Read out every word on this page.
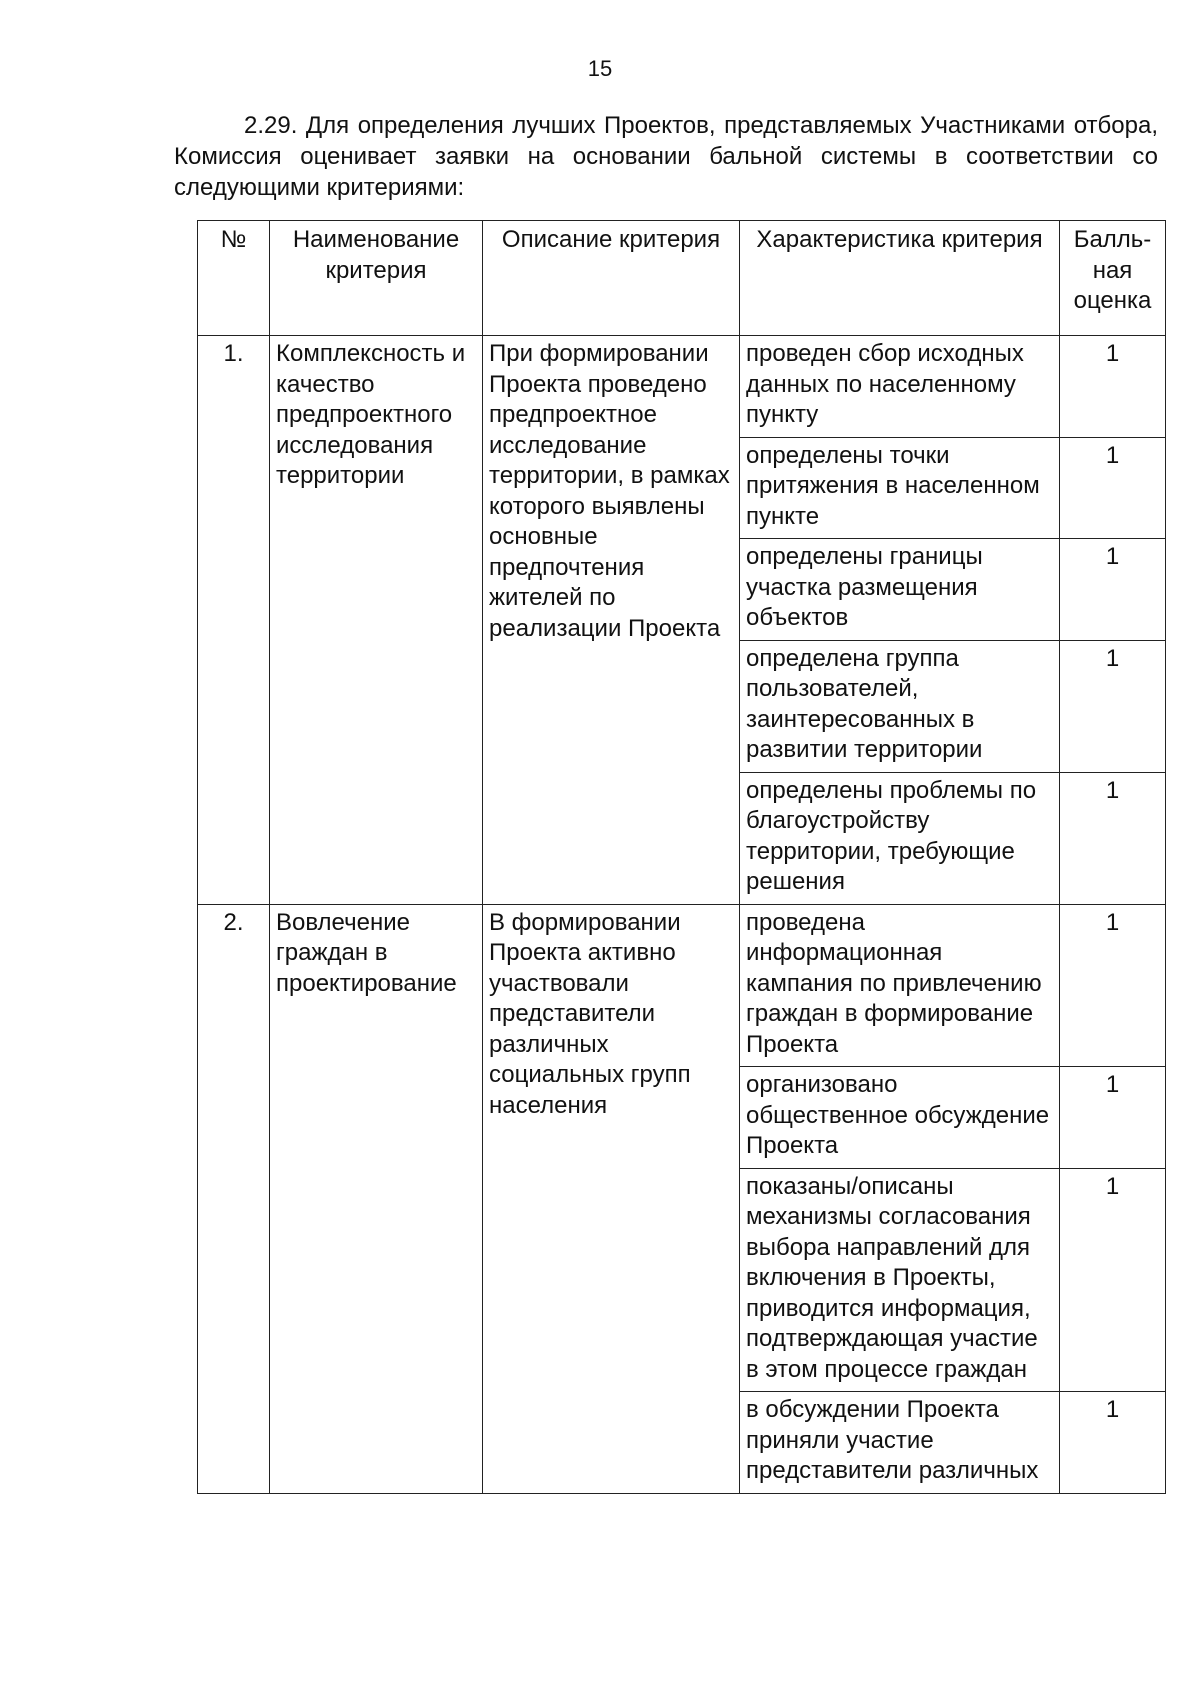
15

2.29. Для определения лучших Проектов, представляемых Участниками отбора, Комиссия оценивает заявки на основании бальной системы в соответствии со следующими критериями:

№	Наименование критерия	Описание критерия	Характеристика критерия	Балль-ная оценка
1.	Комплексность и качество предпроектного исследования территории	При формировании Проекта проведено предпроектное исследование территории, в рамках которого выявлены основные предпочтения жителей по реализации Проекта	проведен сбор исходных данных по населенному пункту	1
			определены точки притяжения в населенном пункте	1
			определены границы участка размещения объектов	1
			определена группа пользователей, заинтересованных в развитии территории	1
			определены проблемы по благоустройству территории, требующие решения	1
2.	Вовлечение граждан в проектирование	В формировании Проекта активно участвовали представители различных социальных групп населения	проведена информационная кампания по привлечению граждан в формирование Проекта	1
			организовано общественное обсуждение Проекта	1
			показаны/описаны механизмы согласования выбора направлений для включения в Проекты, приводится информация, подтверждающая участие в этом процессе граждан	1
			в обсуждении Проекта приняли участие представители различных	1
